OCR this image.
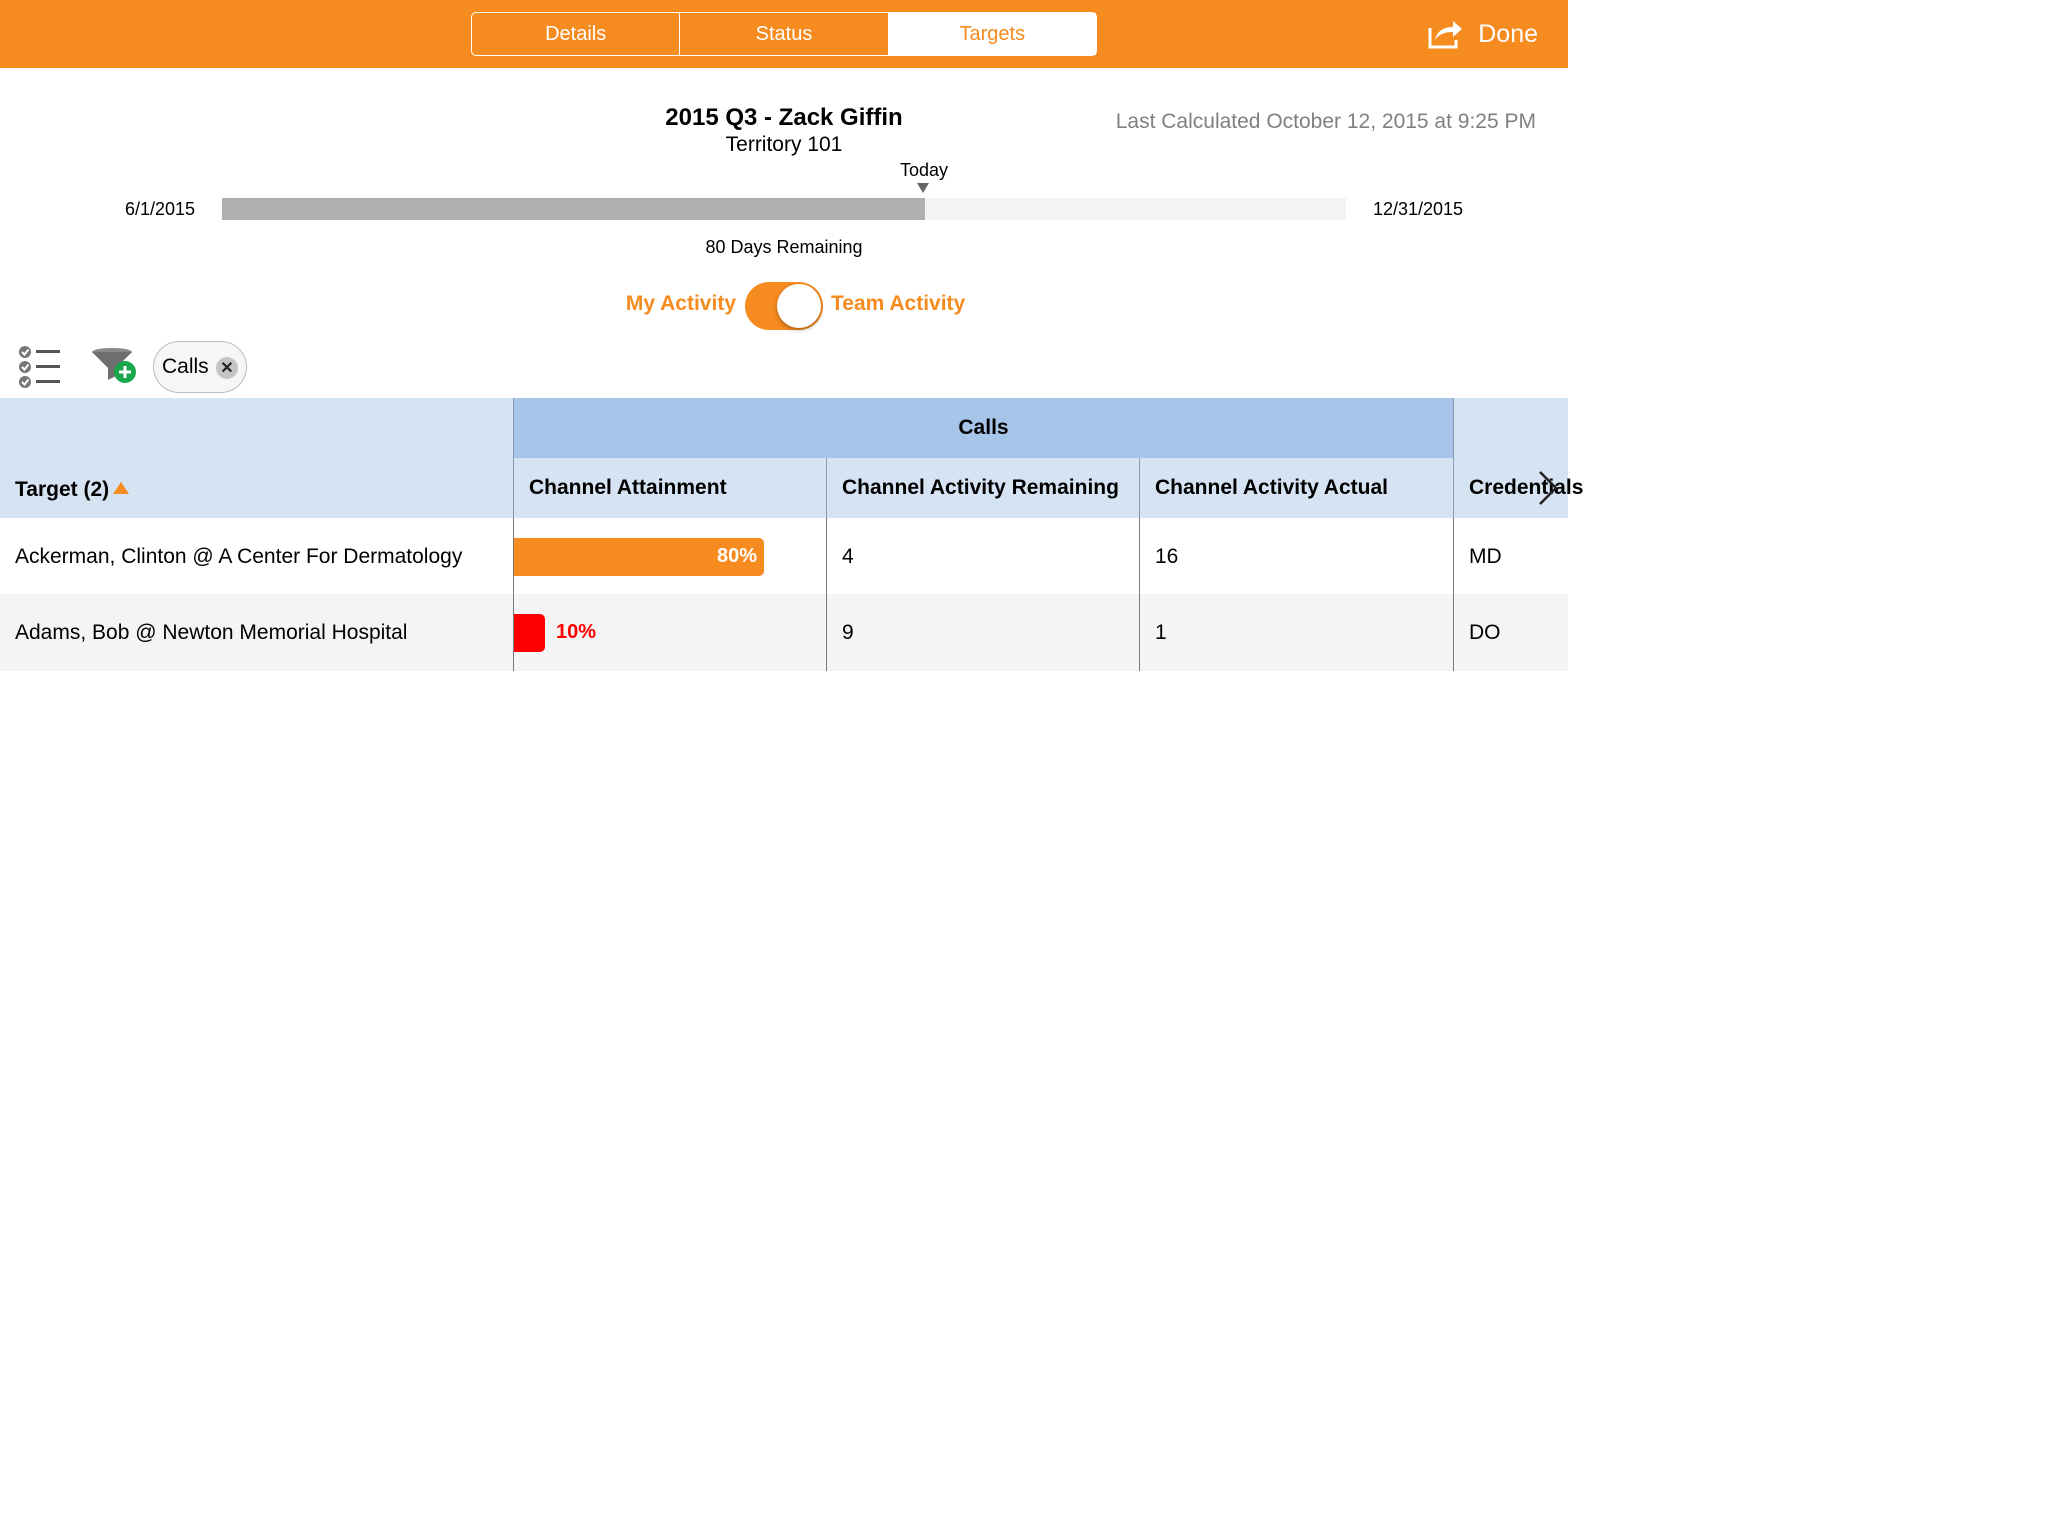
Details	Status	Targets	Done
2015 Q3 - Zack Giffin
Territory 101
Last Calculated October 12, 2015 at 9:25 PM
Today
6/1/2015	12/31/2015
80 Days Remaining
My Activity	Team Activity
Calls ✕
Target (2)
Calls
Channel Attainment	Channel Activity Remaining	Channel Activity Actual	Credentials
Ackerman, Clinton @ A Center For Dermatology	80%	4	16	MD
Adams, Bob @ Newton Memorial Hospital	10%	9	1	DO
